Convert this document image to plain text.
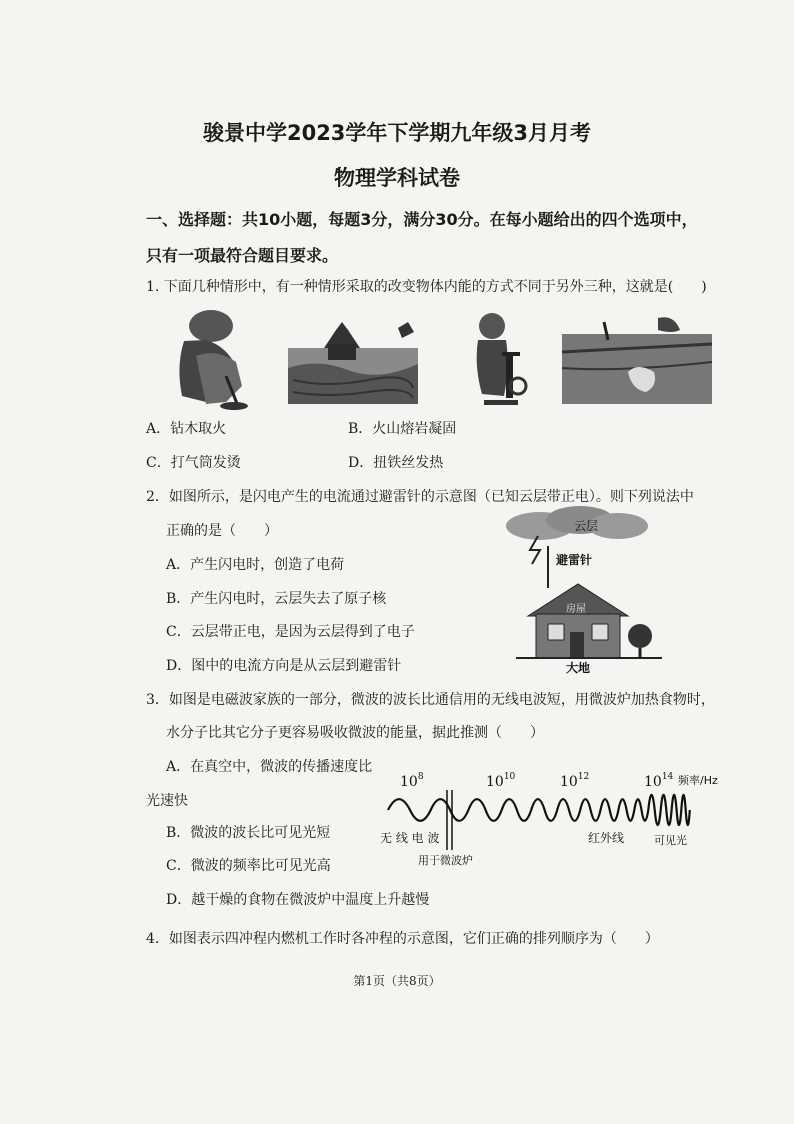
骏景中学2023学年下学期九年级3月月考
物理学科试卷
一、选择题：共10小题，每题3分，满分30分。在每小题给出的四个选项中，
只有一项最符合题目要求。
1. 下面几种情形中，有一种情形采取的改变物体内能的方式不同于另外三种，这就是(　　)
A．钻木取火	B．火山熔岩凝固
C．打气筒发烫	D．扭铁丝发热
2．如图所示，是闪电产生的电流通过避雷针的示意图（已知云层带正电）。则下列说法中
正确的是（　　）
A．产生闪电时，创造了电荷
B．产生闪电时，云层失去了原子核
C．云层带正电，是因为云层得到了电子
D．图中的电流方向是从云层到避雷针
云层
避雷针
房屋
大地
3．如图是电磁波家族的一部分，微波的波长比通信用的无线电波短，用微波炉加热食物时，
水分子比其它分子更容易吸收微波的能量，据此推测（　　）
A．在真空中，微波的传播速度比
光速快
B．微波的波长比可见光短
C．微波的频率比可见光高
D．越干燥的食物在微波炉中温度上升越慢
$10^8$	$10^{10}$	$10^{12}$	$10^{14}$ 频率/Hz
无 线 电 波
用于微波炉
红外线	可见光
4．如图表示四冲程内燃机工作时各冲程的示意图，它们正确的排列顺序为（　　）
第1页（共8页）
